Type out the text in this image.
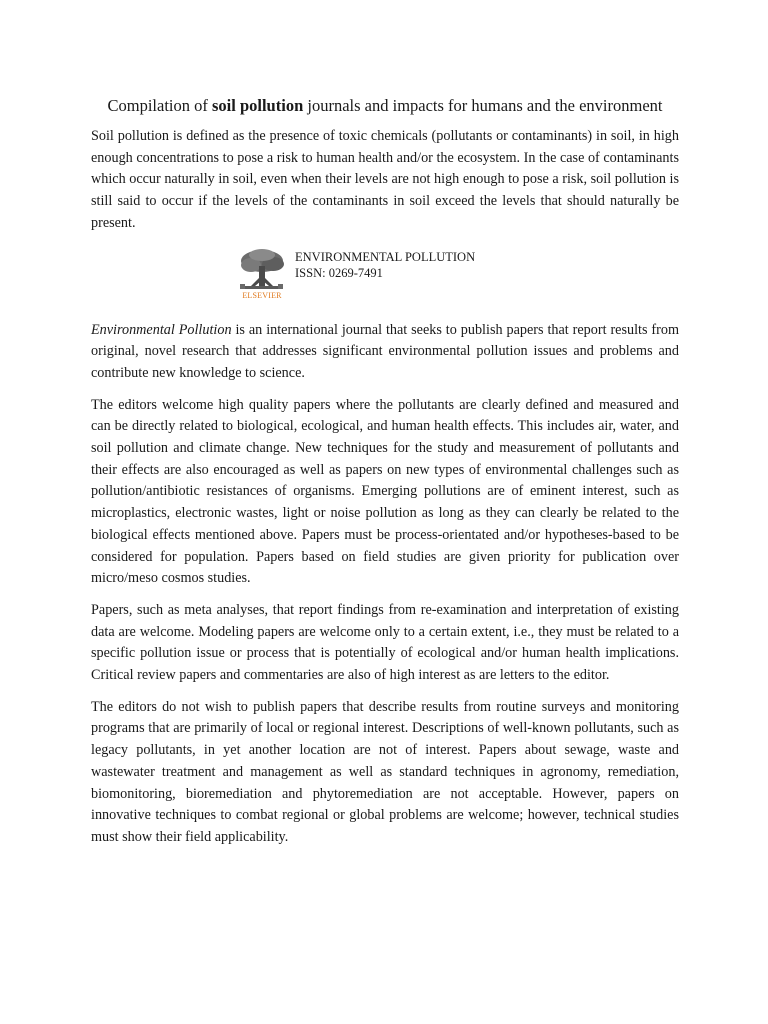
Compilation of soil pollution journals and impacts for humans and the environment

Soil pollution is defined as the presence of toxic chemicals (pollutants or contaminants) in soil, in high enough concentrations to pose a risk to human health and/or the ecosystem. In the case of contaminants which occur naturally in soil, even when their levels are not high enough to pose a risk, soil pollution is still said to occur if the levels of the contaminants in soil exceed the levels that should naturally be present.

ELSEVIER
ENVIRONMENTAL POLLUTION
ISSN: 0269-7491

Environmental Pollution is an international journal that seeks to publish papers that report results from original, novel research that addresses significant environmental pollution issues and problems and contribute new knowledge to science.

The editors welcome high quality papers where the pollutants are clearly defined and measured and can be directly related to biological, ecological, and human health effects. This includes air, water, and soil pollution and climate change. New techniques for the study and measurement of pollutants and their effects are also encouraged as well as papers on new types of environmental challenges such as pollution/antibiotic resistances of organisms. Emerging pollutions are of eminent interest, such as microplastics, electronic wastes, light or noise pollution as long as they can clearly be related to the biological effects mentioned above. Papers must be process-orientated and/or hypotheses-based to be considered for population. Papers based on field studies are given priority for publication over micro/meso cosmos studies.

Papers, such as meta analyses, that report findings from re-examination and interpretation of existing data are welcome. Modeling papers are welcome only to a certain extent, i.e., they must be related to a specific pollution issue or process that is potentially of ecological and/or human health implications. Critical review papers and commentaries are also of high interest as are letters to the editor.

The editors do not wish to publish papers that describe results from routine surveys and monitoring programs that are primarily of local or regional interest. Descriptions of well-known pollutants, such as legacy pollutants, in yet another location are not of interest. Papers about sewage, waste and wastewater treatment and management as well as standard techniques in agronomy, remediation, biomonitoring, bioremediation and phytoremediation are not acceptable. However, papers on innovative techniques to combat regional or global problems are welcome; however, technical studies must show their field applicability.
